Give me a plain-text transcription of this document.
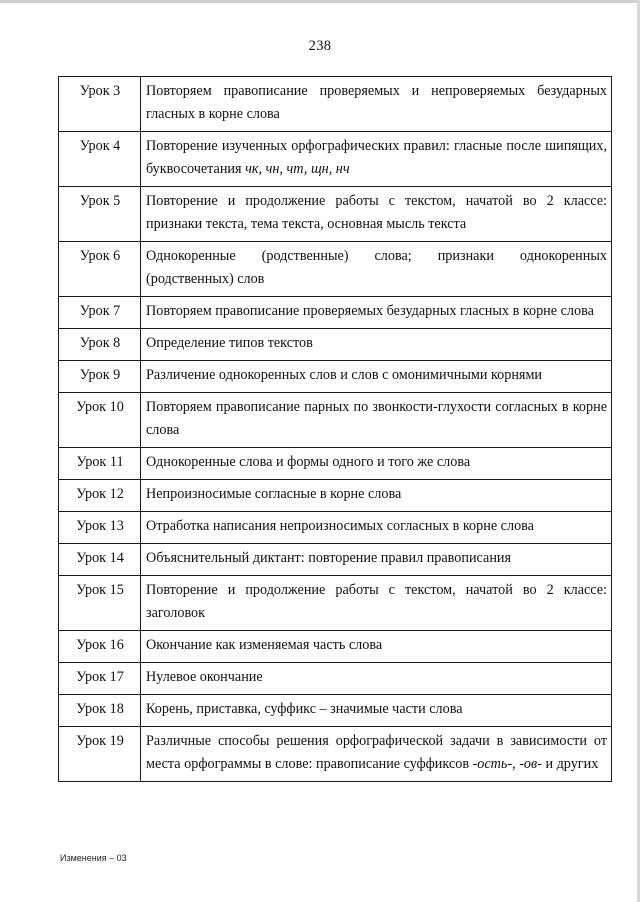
238
Урок 3	Повторяем правописание проверяемых и непроверяемых безударных гласных в корне слова
Урок 4	Повторение изученных орфографических правил: гласные после шипящих, буквосочетания чк, чн, чт, щн, нч
Урок 5	Повторение и продолжение работы с текстом, начатой во 2 классе: признаки текста, тема текста, основная мысль текста
Урок 6	Однокоренные (родственные) слова; признаки однокоренных (родственных) слов
Урок 7	Повторяем правописание проверяемых безударных гласных в корне слова
Урок 8	Определение типов текстов
Урок 9	Различение однокоренных слов и слов с омонимичными корнями
Урок 10	Повторяем правописание парных по звонкости-глухости согласных в корне слова
Урок 11	Однокоренные слова и формы одного и того же слова
Урок 12	Непроизносимые согласные в корне слова
Урок 13	Отработка написания непроизносимых согласных в корне слова
Урок 14	Объяснительный диктант: повторение правил правописания
Урок 15	Повторение и продолжение работы с текстом, начатой во 2 классе: заголовок
Урок 16	Окончание как изменяемая часть слова
Урок 17	Нулевое окончание
Урок 18	Корень, приставка, суффикс – значимые части слова
Урок 19	Различные способы решения орфографической задачи в зависимости от места орфограммы в слове: правописание суффиксов -ость-, -ов- и других
Изменения – 03
